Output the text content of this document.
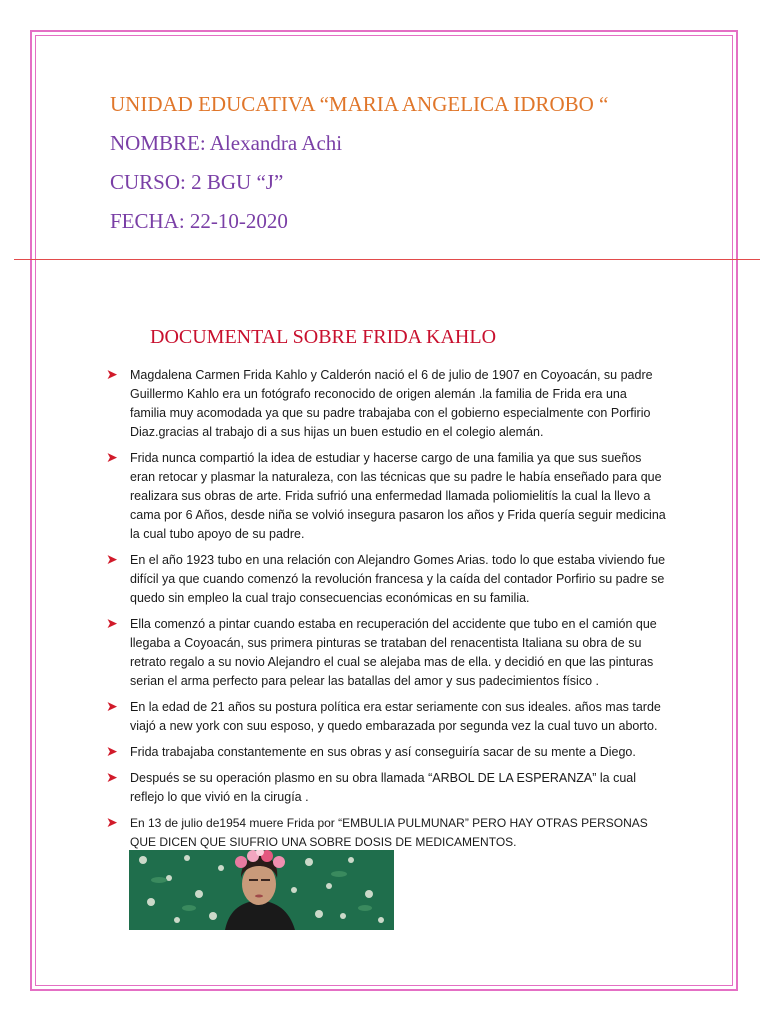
UNIDAD EDUCATIVA “MARIA ANGELICA IDROBO “
NOMBRE: Alexandra Achi
CURSO: 2 BGU “J”
FECHA: 22-10-2020
DOCUMENTAL SOBRE FRIDA KAHLO

➤ Magdalena Carmen Frida Kahlo y Calderón nació el 6 de julio de 1907 en Coyoacán, su padre Guillermo Kahlo era un fotógrafo reconocido de origen alemán .la familia de Frida era una familia muy acomodada ya que su padre trabajaba con el gobierno especialmente con Porfirio Diaz.gracias al trabajo di a sus hijas un buen estudio en el colegio alemán.

➤ Frida nunca compartió la idea de estudiar y hacerse cargo de una familia ya que sus sueños eran retocar y plasmar la naturaleza, con las técnicas que su padre le había enseñado para que realizara sus obras de arte. Frida sufrió una enfermedad llamada poliomielitís la cual la llevo a cama por 6 Años, desde niña se volvió insegura pasaron los años y Frida quería seguir medicina la cual tubo apoyo de su padre.

➤ En el año 1923 tubo en una relación con Alejandro Gomes Arias. todo lo que estaba viviendo fue difícil ya que cuando comenzó la revolución francesa y la caída del contador Porfirio su padre se quedo sin empleo la cual trajo consecuencias económicas en su familia.

➤ Ella comenzó a pintar cuando estaba en recuperación del accidente que tubo en el camión que llegaba a Coyoacán, sus primera pinturas se trataban del renacentista Italiana su obra de su retrato regalo a su novio Alejandro el cual se alejaba mas de ella. y decidió en que las pinturas serian el arma perfecto para pelear las batallas del amor y sus padecimientos físico .

➤ En la edad de 21 años su postura política era estar seriamente con sus ideales. años mas tarde viajó a new york con suu esposo, y quedo embarazada por segunda vez la cual tuvo un aborto.

➤ Frida trabajaba constantemente en sus obras y así conseguiría sacar de su mente a Diego.

➤ Después se su operación plasmo en su obra llamada “ARBOL DE LA ESPERANZA” la cual reflejo lo que vivió en la cirugía .

➤ En 13 de julio de1954 muere Frida por “EMBULIA PULMUNAR” PERO HAY OTRAS PERSONAS QUE DICEN QUE SIUFRIO UNA SOBRE DOSIS DE MEDICAMENTOS.
